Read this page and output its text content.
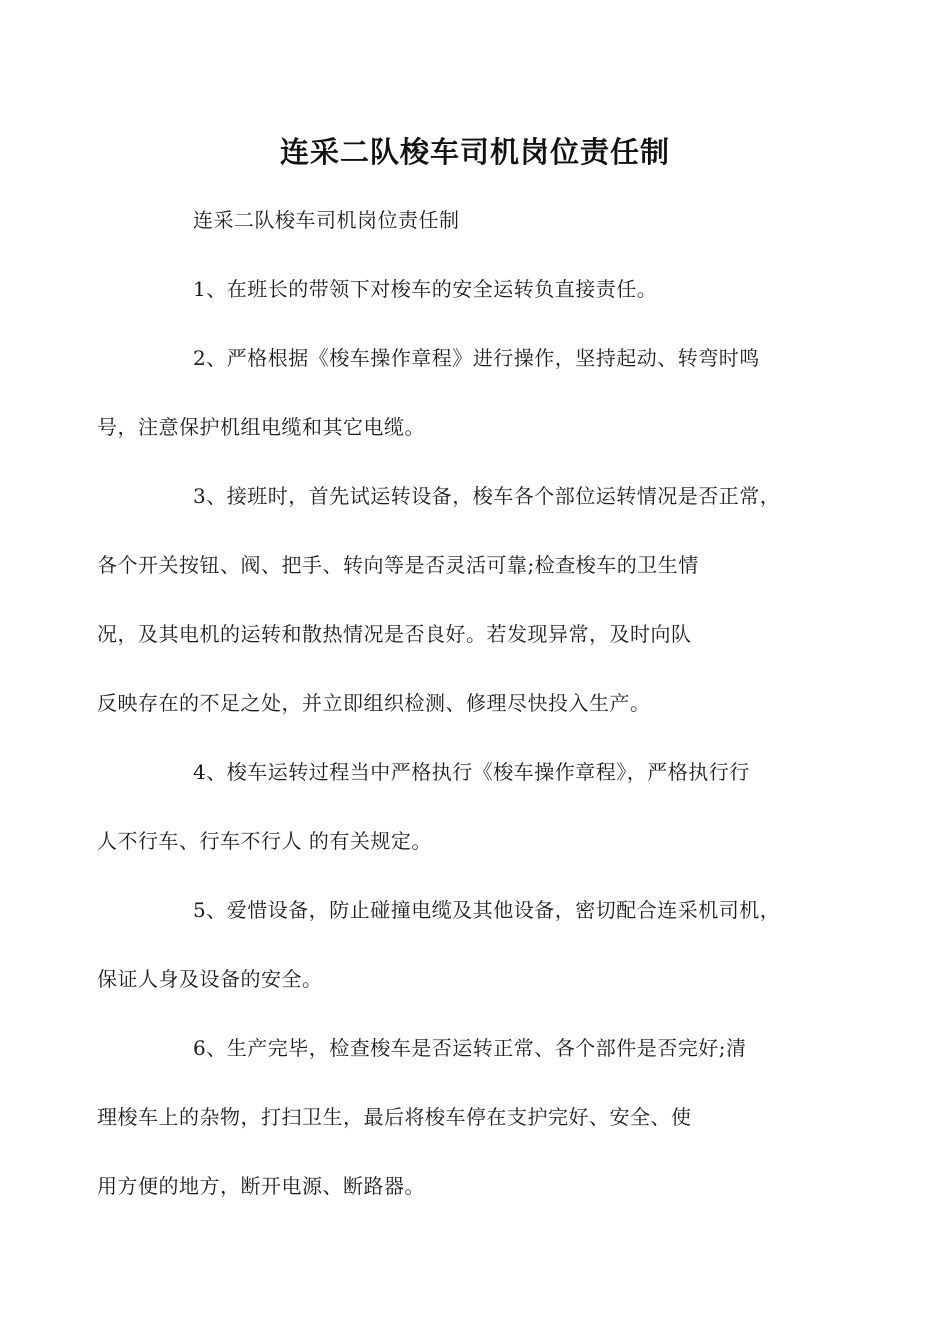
连采二队梭车司机岗位责任制

连采二队梭车司机岗位责任制

1、在班长的带领下对梭车的安全运转负直接责任。

2、严格根据《梭车操作章程》进行操作，坚持起动、转弯时鸣
号，注意保护机组电缆和其它电缆。

3、接班时，首先试运转设备，梭车各个部位运转情况是否正常，
各个开关按钮、阀、把手、转向等是否灵活可靠;检查梭车的卫生情
况，及其电机的运转和散热情况是否良好。若发现异常，及时向队
反映存在的不足之处，并立即组织检测、修理尽快投入生产。

4、梭车运转过程当中严格执行《梭车操作章程》，严格执行行
人不行车、行车不行人 的有关规定。

5、爱惜设备，防止碰撞电缆及其他设备，密切配合连采机司机，
保证人身及设备的安全。

6、生产完毕，检查梭车是否运转正常、各个部件是否完好;清
理梭车上的杂物，打扫卫生，最后将梭车停在支护完好、安全、使
用方便的地方，断开电源、断路器。
